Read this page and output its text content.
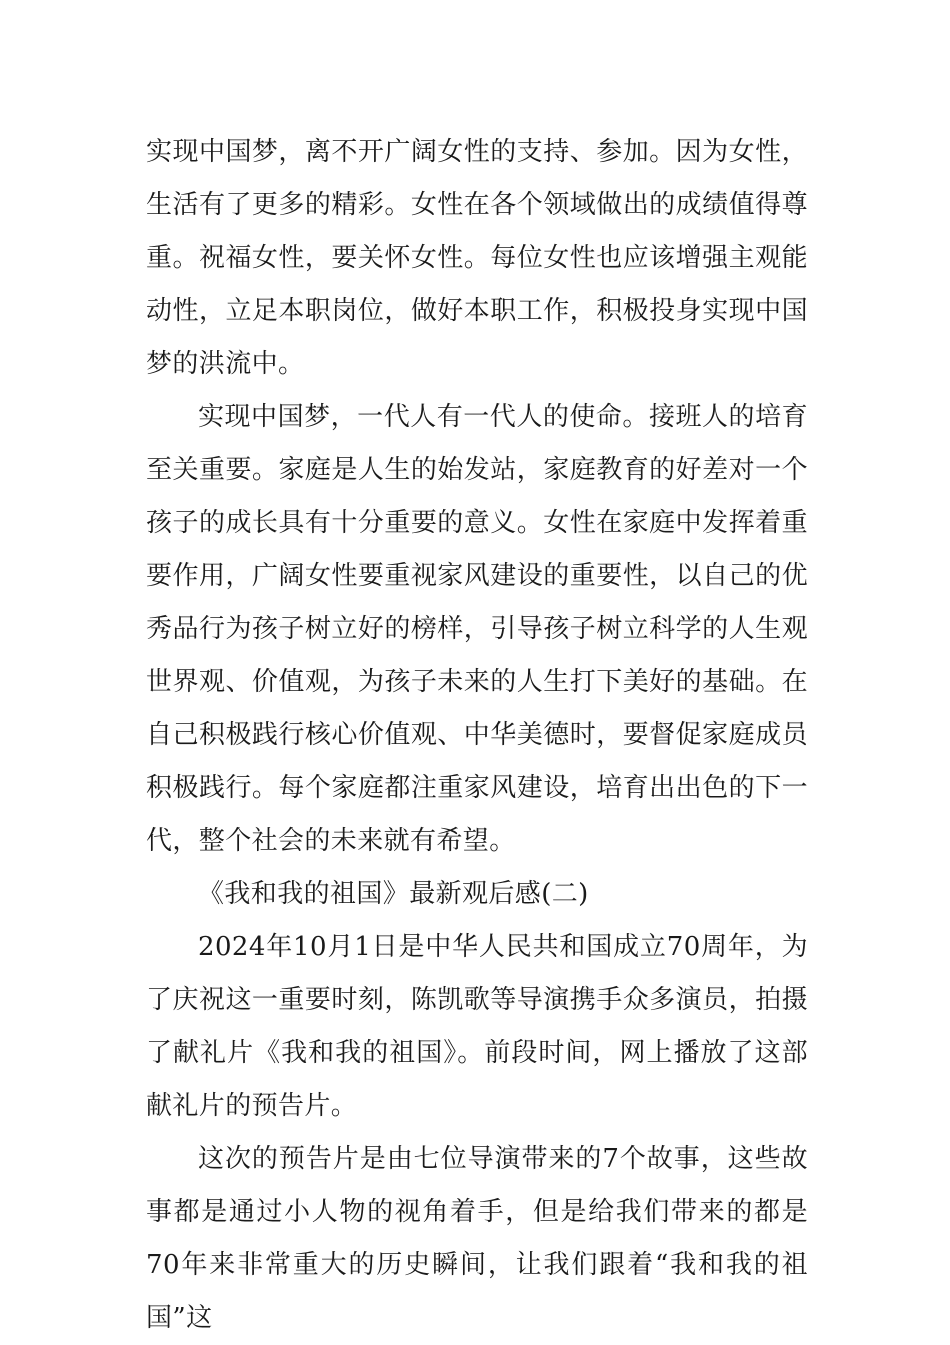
实现中国梦，离不开广阔女性的支持、参加。因为女性，生活有了更多的精彩。女性在各个领域做出的成绩值得尊重。祝福女性，要关怀女性。每位女性也应该增强主观能动性，立足本职岗位，做好本职工作，积极投身实现中国梦的洪流中。

实现中国梦，一代人有一代人的使命。接班人的培育至关重要。家庭是人生的始发站，家庭教育的好差对一个孩子的成长具有十分重要的意义。女性在家庭中发挥着重要作用，广阔女性要重视家风建设的重要性，以自己的优秀品行为孩子树立好的榜样，引导孩子树立科学的人生观世界观、价值观，为孩子未来的人生打下美好的基础。在自己积极践行核心价值观、中华美德时，要督促家庭成员积极践行。每个家庭都注重家风建设，培育出出色的下一代，整个社会的未来就有希望。

《我和我的祖国》最新观后感(二)

2024年10月1日是中华人民共和国成立70周年，为了庆祝这一重要时刻，陈凯歌等导演携手众多演员，拍摄了献礼片《我和我的祖国》。前段时间，网上播放了这部献礼片的预告片。

这次的预告片是由七位导演带来的7个故事，这些故事都是通过小人物的视角着手，但是给我们带来的都是70年来非常重大的历史瞬间，让我们跟着“我和我的祖国”这
